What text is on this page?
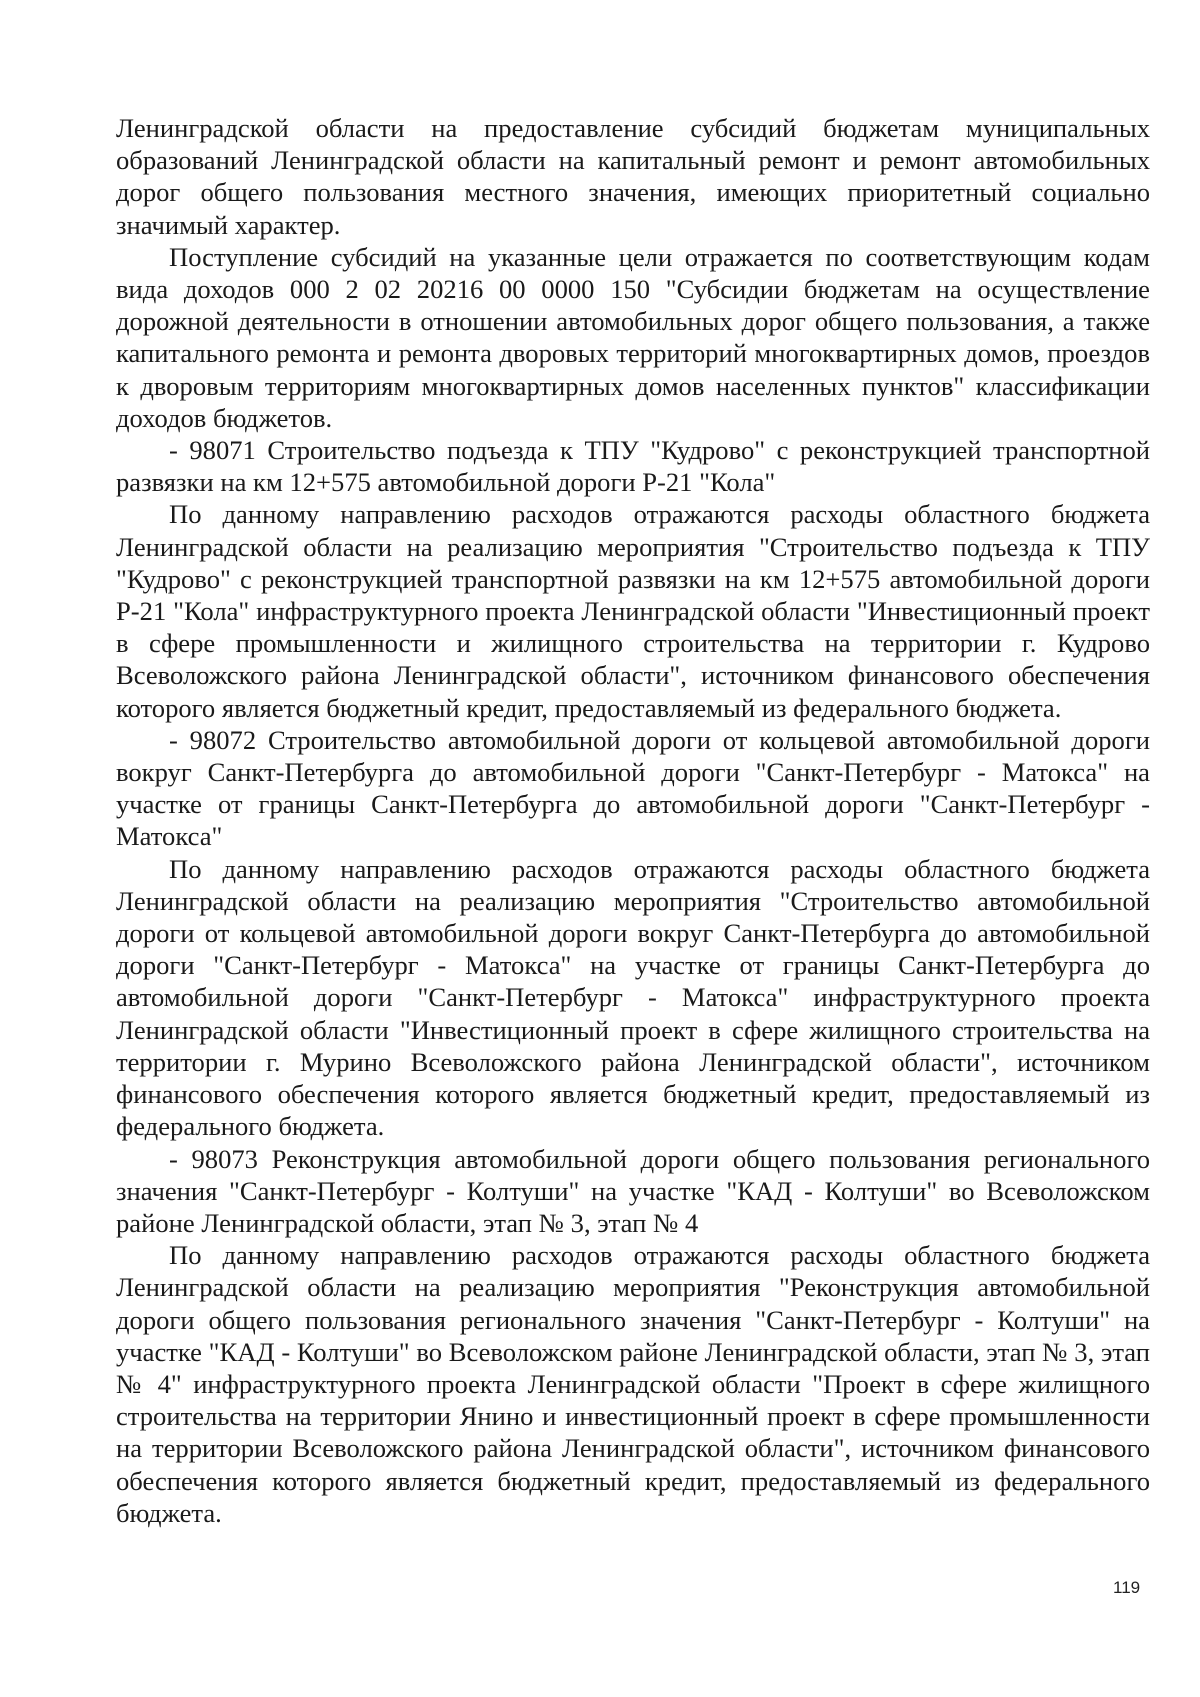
Ленинградской области на предоставление субсидий бюджетам муниципальных образований Ленинградской области на капитальный ремонт и ремонт автомобильных дорог общего пользования местного значения, имеющих приоритетный социально значимый характер.

Поступление субсидий на указанные цели отражается по соответствующим кодам вида доходов 000 2 02 20216 00 0000 150 "Субсидии бюджетам на осуществление дорожной деятельности в отношении автомобильных дорог общего пользования, а также капитального ремонта и ремонта дворовых территорий многоквартирных домов, проездов к дворовым территориям многоквартирных домов населенных пунктов" классификации доходов бюджетов.

- 98071 Строительство подъезда к ТПУ "Кудрово" с реконструкцией транспортной развязки на км 12+575 автомобильной дороги Р-21 "Кола"

По данному направлению расходов отражаются расходы областного бюджета Ленинградской области на реализацию мероприятия "Строительство подъезда к ТПУ "Кудрово" с реконструкцией транспортной развязки на км 12+575 автомобильной дороги Р-21 "Кола" инфраструктурного проекта Ленинградской области "Инвестиционный проект в сфере промышленности и жилищного строительства на территории г. Кудрово Всеволожского района Ленинградской области", источником финансового обеспечения которого является бюджетный кредит, предоставляемый из федерального бюджета.

- 98072 Строительство автомобильной дороги от кольцевой автомобильной дороги вокруг Санкт-Петербурга до автомобильной дороги "Санкт-Петербург - Матокса" на участке от границы Санкт-Петербурга до автомобильной дороги "Санкт-Петербург - Матокса"

По данному направлению расходов отражаются расходы областного бюджета Ленинградской области на реализацию мероприятия "Строительство автомобильной дороги от кольцевой автомобильной дороги вокруг Санкт-Петербурга до автомобильной дороги "Санкт-Петербург - Матокса" на участке от границы Санкт-Петербурга до автомобильной дороги "Санкт-Петербург - Матокса" инфраструктурного проекта Ленинградской области "Инвестиционный проект в сфере жилищного строительства на территории г. Мурино Всеволожского района Ленинградской области", источником финансового обеспечения которого является бюджетный кредит, предоставляемый из федерального бюджета.

- 98073 Реконструкция автомобильной дороги общего пользования регионального значения "Санкт-Петербург - Колтуши" на участке "КАД - Колтуши" во Всеволожском районе Ленинградской области, этап № 3, этап № 4

По данному направлению расходов отражаются расходы областного бюджета Ленинградской области на реализацию мероприятия "Реконструкция автомобильной дороги общего пользования регионального значения "Санкт-Петербург - Колтуши" на участке "КАД - Колтуши" во Всеволожском районе Ленинградской области, этап № 3, этап № 4" инфраструктурного проекта Ленинградской области "Проект в сфере жилищного строительства на территории Янино и инвестиционный проект в сфере промышленности на территории Всеволожского района Ленинградской области", источником финансового обеспечения которого является бюджетный кредит, предоставляемый из федерального бюджета.

119
